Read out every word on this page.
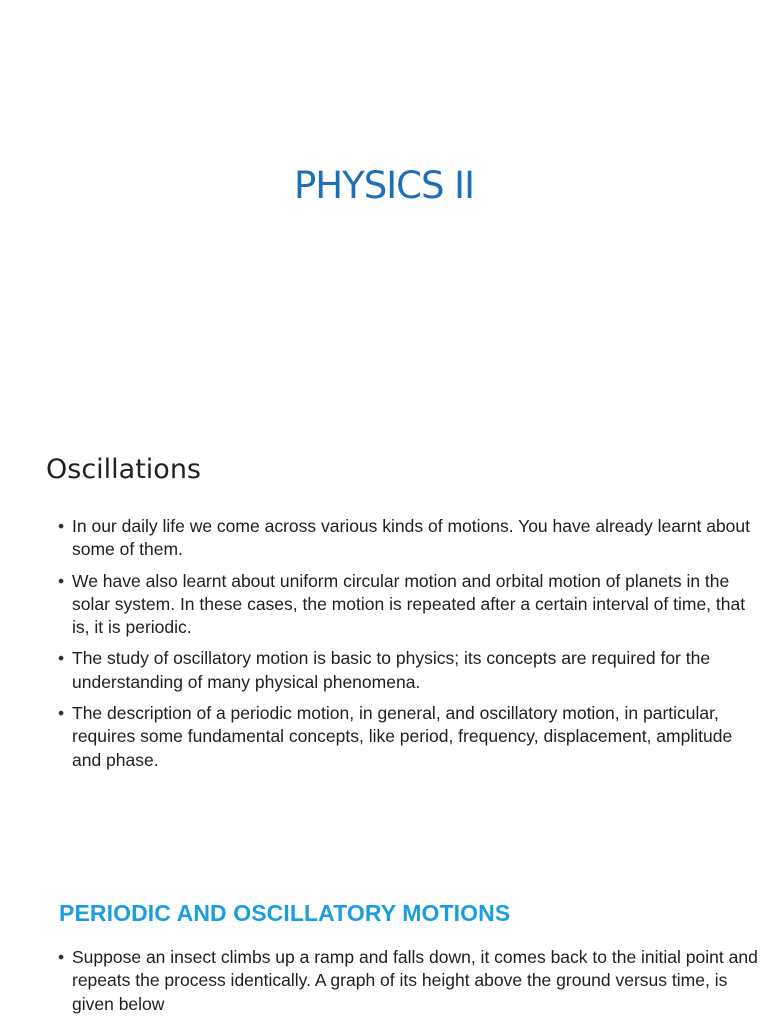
PHYSICS II
Oscillations
• In our daily life we come across various kinds of motions. You have already learnt about some of them.
• We have also learnt about uniform circular motion and orbital motion of planets in the solar system. In these cases, the motion is repeated after a certain interval of time, that is, it is periodic.
• The study of oscillatory motion is basic to physics; its concepts are required for the understanding of many physical phenomena.
• The description of a periodic motion, in general, and oscillatory motion, in particular, requires some fundamental concepts, like period, frequency, displacement, amplitude and phase.
PERIODIC AND OSCILLATORY MOTIONS
• Suppose an insect climbs up a ramp and falls down, it comes back to the initial point and repeats the process identically. A graph of its height above the ground versus time, is given below
